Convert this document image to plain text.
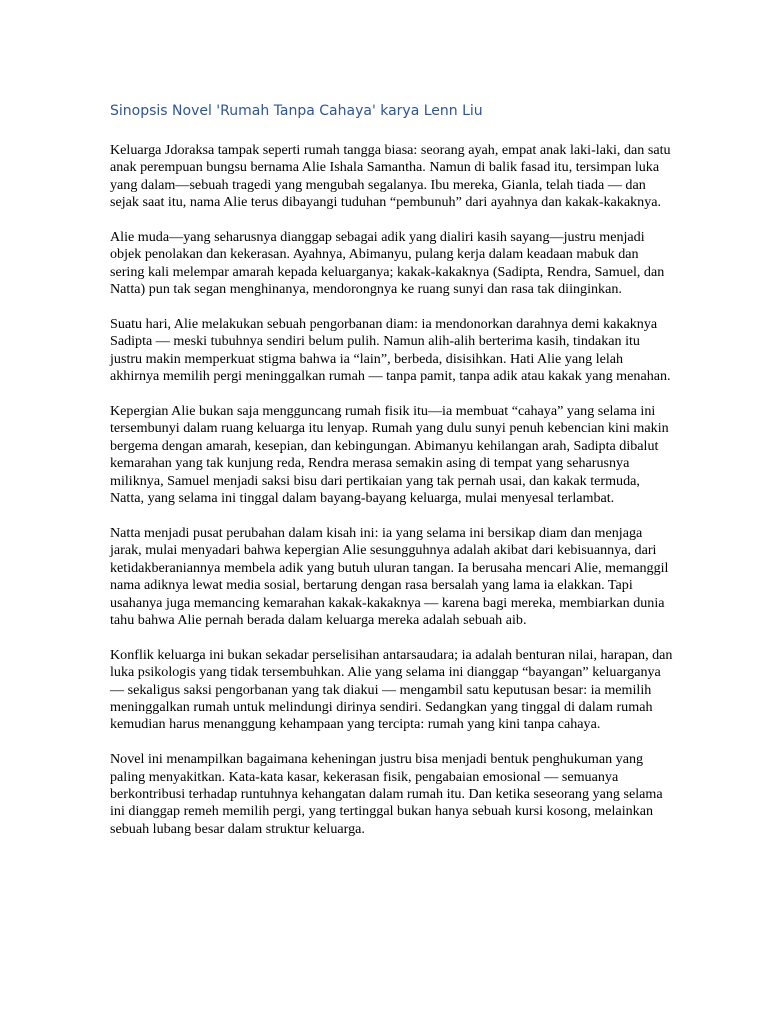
Sinopsis Novel 'Rumah Tanpa Cahaya' karya Lenn Liu

Keluarga Jdoraksa tampak seperti rumah tangga biasa: seorang ayah, empat anak laki-laki, dan satu anak perempuan bungsu bernama Alie Ishala Samantha. Namun di balik fasad itu, tersimpan luka yang dalam—sebuah tragedi yang mengubah segalanya. Ibu mereka, Gianla, telah tiada — dan sejak saat itu, nama Alie terus dibayangi tuduhan “pembunuh” dari ayahnya dan kakak-kakaknya.

Alie muda—yang seharusnya dianggap sebagai adik yang dialiri kasih sayang—justru menjadi objek penolakan dan kekerasan. Ayahnya, Abimanyu, pulang kerja dalam keadaan mabuk dan sering kali melempar amarah kepada keluarganya; kakak-kakaknya (Sadipta, Rendra, Samuel, dan Natta) pun tak segan menghinanya, mendorongnya ke ruang sunyi dan rasa tak diinginkan.

Suatu hari, Alie melakukan sebuah pengorbanan diam: ia mendonorkan darahnya demi kakaknya Sadipta — meski tubuhnya sendiri belum pulih. Namun alih-alih berterima kasih, tindakan itu justru makin memperkuat stigma bahwa ia “lain”, berbeda, disisihkan. Hati Alie yang lelah akhirnya memilih pergi meninggalkan rumah — tanpa pamit, tanpa adik atau kakak yang menahan.

Kepergian Alie bukan saja mengguncang rumah fisik itu—ia membuat “cahaya” yang selama ini tersembunyi dalam ruang keluarga itu lenyap. Rumah yang dulu sunyi penuh kebencian kini makin bergema dengan amarah, kesepian, dan kebingungan. Abimanyu kehilangan arah, Sadipta dibalut kemarahan yang tak kunjung reda, Rendra merasa semakin asing di tempat yang seharusnya miliknya, Samuel menjadi saksi bisu dari pertikaian yang tak pernah usai, dan kakak termuda, Natta, yang selama ini tinggal dalam bayang-bayang keluarga, mulai menyesal terlambat.

Natta menjadi pusat perubahan dalam kisah ini: ia yang selama ini bersikap diam dan menjaga jarak, mulai menyadari bahwa kepergian Alie sesungguhnya adalah akibat dari kebisuannya, dari ketidakberaniannya membela adik yang butuh uluran tangan. Ia berusaha mencari Alie, memanggil nama adiknya lewat media sosial, bertarung dengan rasa bersalah yang lama ia elakkan. Tapi usahanya juga memancing kemarahan kakak-kakaknya — karena bagi mereka, membiarkan dunia tahu bahwa Alie pernah berada dalam keluarga mereka adalah sebuah aib.

Konflik keluarga ini bukan sekadar perselisihan antarsaudara; ia adalah benturan nilai, harapan, dan luka psikologis yang tidak tersembuhkan. Alie yang selama ini dianggap “bayangan” keluarganya — sekaligus saksi pengorbanan yang tak diakui — mengambil satu keputusan besar: ia memilih meninggalkan rumah untuk melindungi dirinya sendiri. Sedangkan yang tinggal di dalam rumah kemudian harus menanggung kehampaan yang tercipta: rumah yang kini tanpa cahaya.

Novel ini menampilkan bagaimana keheningan justru bisa menjadi bentuk penghukuman yang paling menyakitkan. Kata-kata kasar, kekerasan fisik, pengabaian emosional — semuanya berkontribusi terhadap runtuhnya kehangatan dalam rumah itu. Dan ketika seseorang yang selama ini dianggap remeh memilih pergi, yang tertinggal bukan hanya sebuah kursi kosong, melainkan sebuah lubang besar dalam struktur keluarga.
